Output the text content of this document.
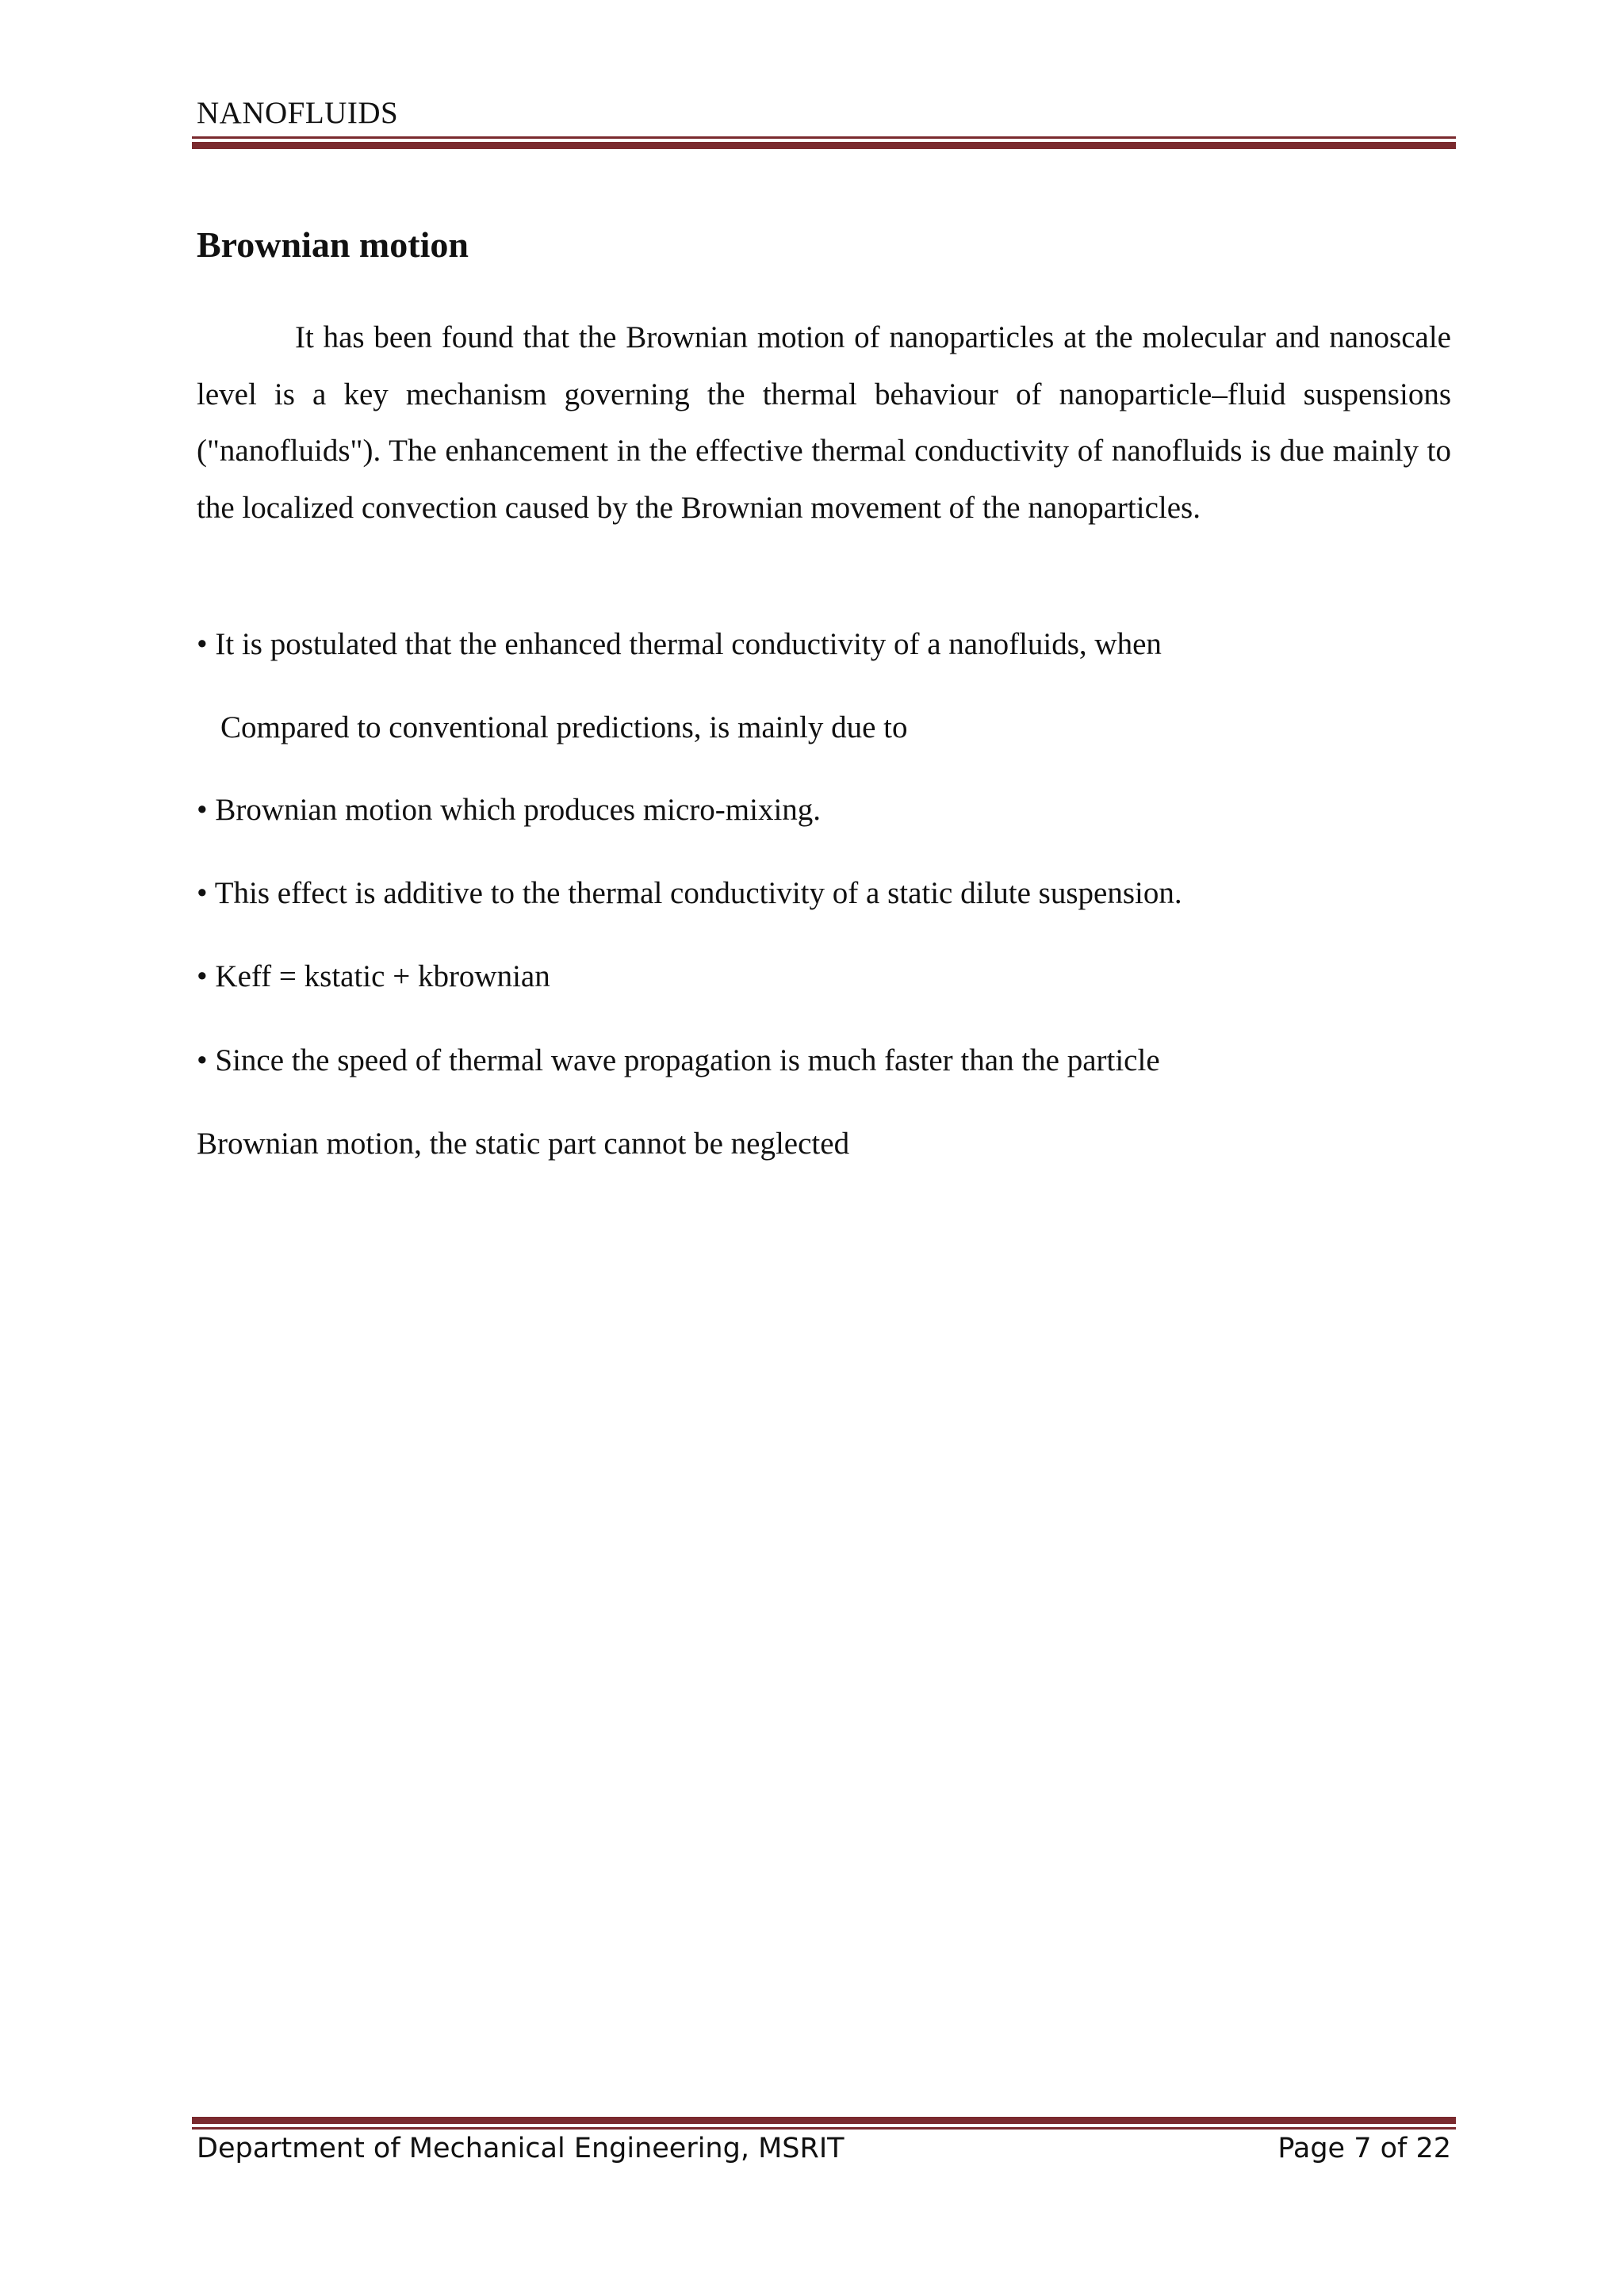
NANOFLUIDS
Brownian motion

It has been found that the Brownian motion of nanoparticles at the molecular and nanoscale level is a key mechanism governing the thermal behaviour of nanoparticle–fluid suspensions ("nanofluids"). The enhancement in the effective thermal conductivity of nanofluids is due mainly to the localized convection caused by the Brownian movement of the nanoparticles.

• It is postulated that the enhanced thermal conductivity of a nanofluids, when

Compared to conventional predictions, is mainly due to

• Brownian motion which produces micro-mixing.

• This effect is additive to the thermal conductivity of a static dilute suspension.

• Keff = kstatic + kbrownian

• Since the speed of thermal wave propagation is much faster than the particle

Brownian motion, the static part cannot be neglected

Department of Mechanical Engineering, MSRIT	Page 7 of 22
